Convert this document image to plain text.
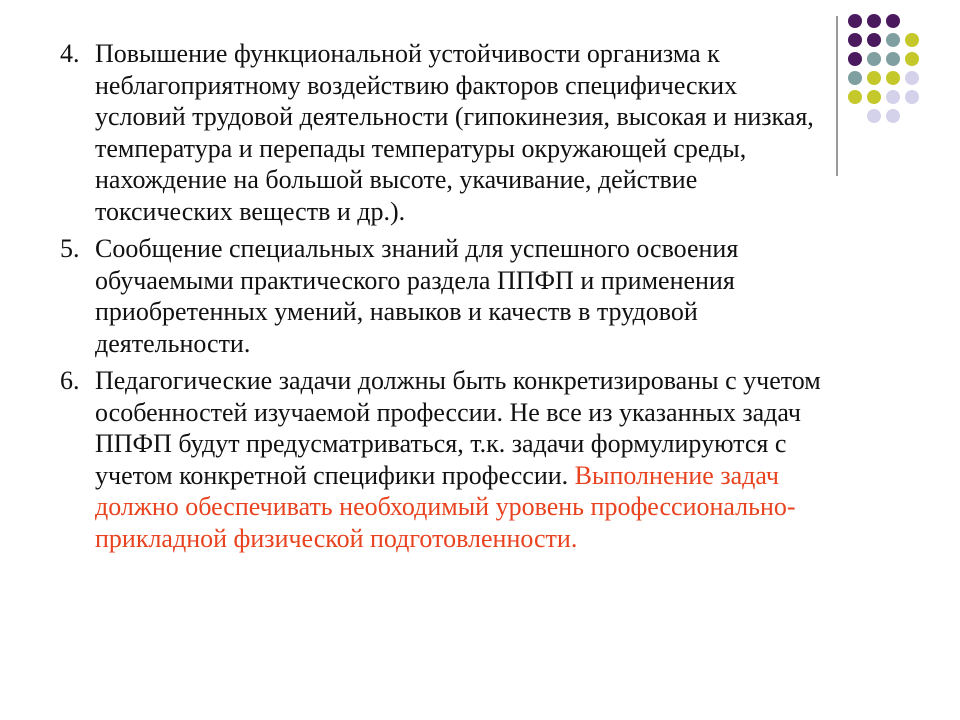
4. Повышение функциональной устойчивости организма к неблагоприятному воздействию факторов специфических условий трудовой деятельности (гипокинезия, высокая и низкая, температура и перепады температуры окружающей среды, нахождение на большой высоте, укачивание, действие токсических веществ и др.).

5. Сообщение специальных знаний для успешного освоения обучаемыми практического раздела ППФП и применения приобретенных умений, навыков и качеств в трудовой деятельности.

6. Педагогические задачи должны быть конкретизированы с учетом особенностей изучаемой профессии. Не все из указанных задач ППФП будут предусматриваться, т.к. задачи формулируются с учетом конкретной специфики профессии. Выполнение задач должно обеспечивать необходимый уровень профессионально-прикладной физической подготовленности.
